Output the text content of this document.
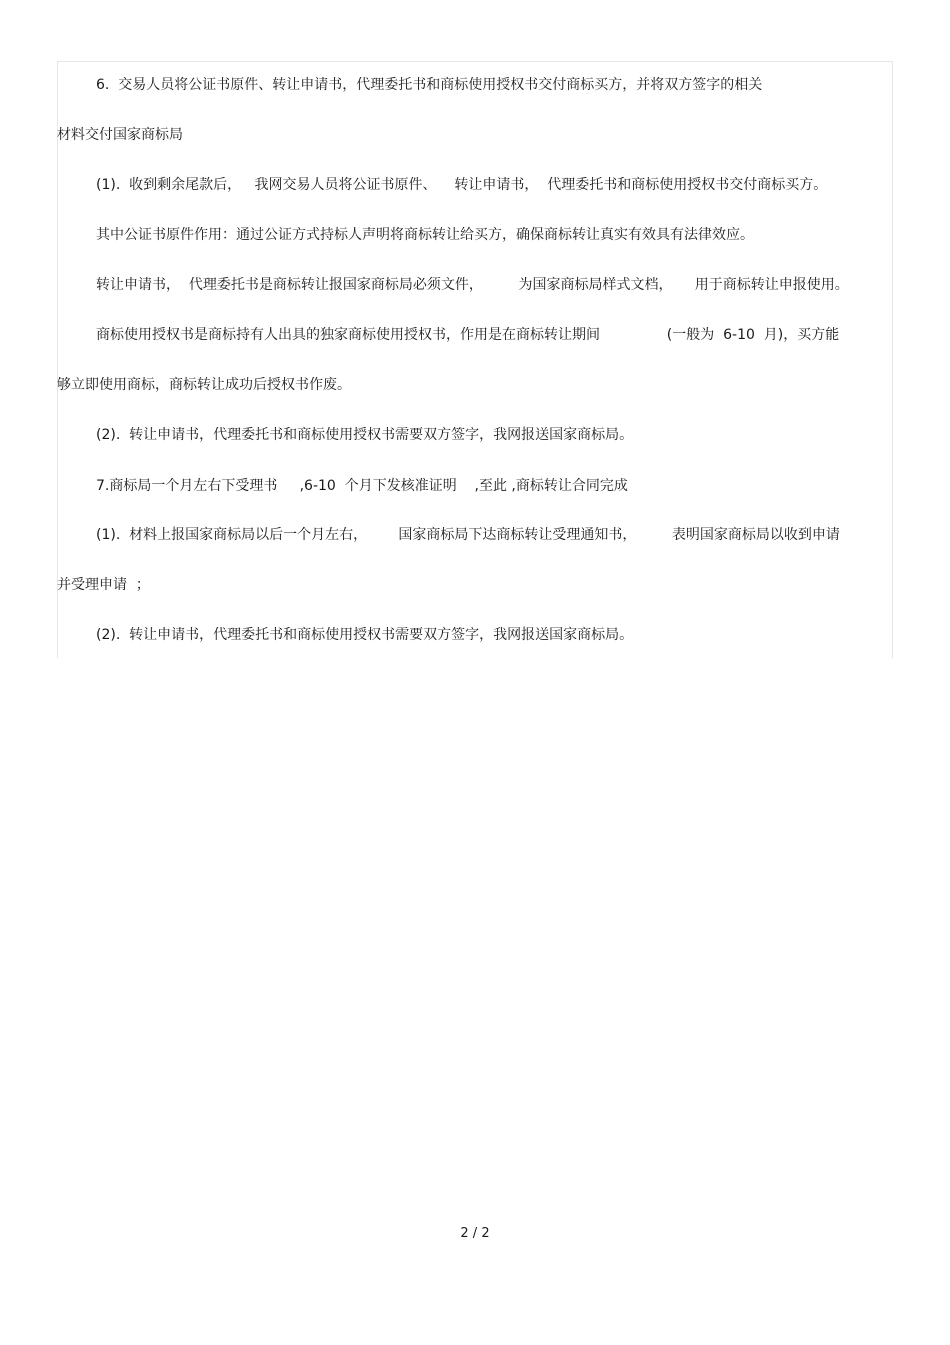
6.  交易人员将公证书原件、转让申请书，代理委托书和商标使用授权书交付商标买方，并将双方签字的相关

材料交付国家商标局

(1).  收到剩余尾款后，   我网交易人员将公证书原件、    转让申请书，  代理委托书和商标使用授权书交付商标买方。

其中公证书原件作用：通过公证方式持标人声明将商标转让给买方，确保商标转让真实有效具有法律效应。

转让申请书，  代理委托书是商标转让报国家商标局必须文件，        为国家商标局样式文档，     用于商标转让申报使用。

商标使用授权书是商标持有人出具的独家商标使用授权书，作用是在商标转让期间               (一般为  6-10  月)，买方能

够立即使用商标，商标转让成功后授权书作废。

(2).  转让申请书，代理委托书和商标使用授权书需要双方签字，我网报送国家商标局。

7.商标局一个月左右下受理书     ,6-10  个月下发核准证明    ,至此 ,商标转让合同完成

(1).  材料上报国家商标局以后一个月左右，       国家商标局下达商标转让受理通知书，        表明国家商标局以收到申请

并受理申请  ；

(2).  转让申请书，代理委托书和商标使用授权书需要双方签字，我网报送国家商标局。

2 / 2
